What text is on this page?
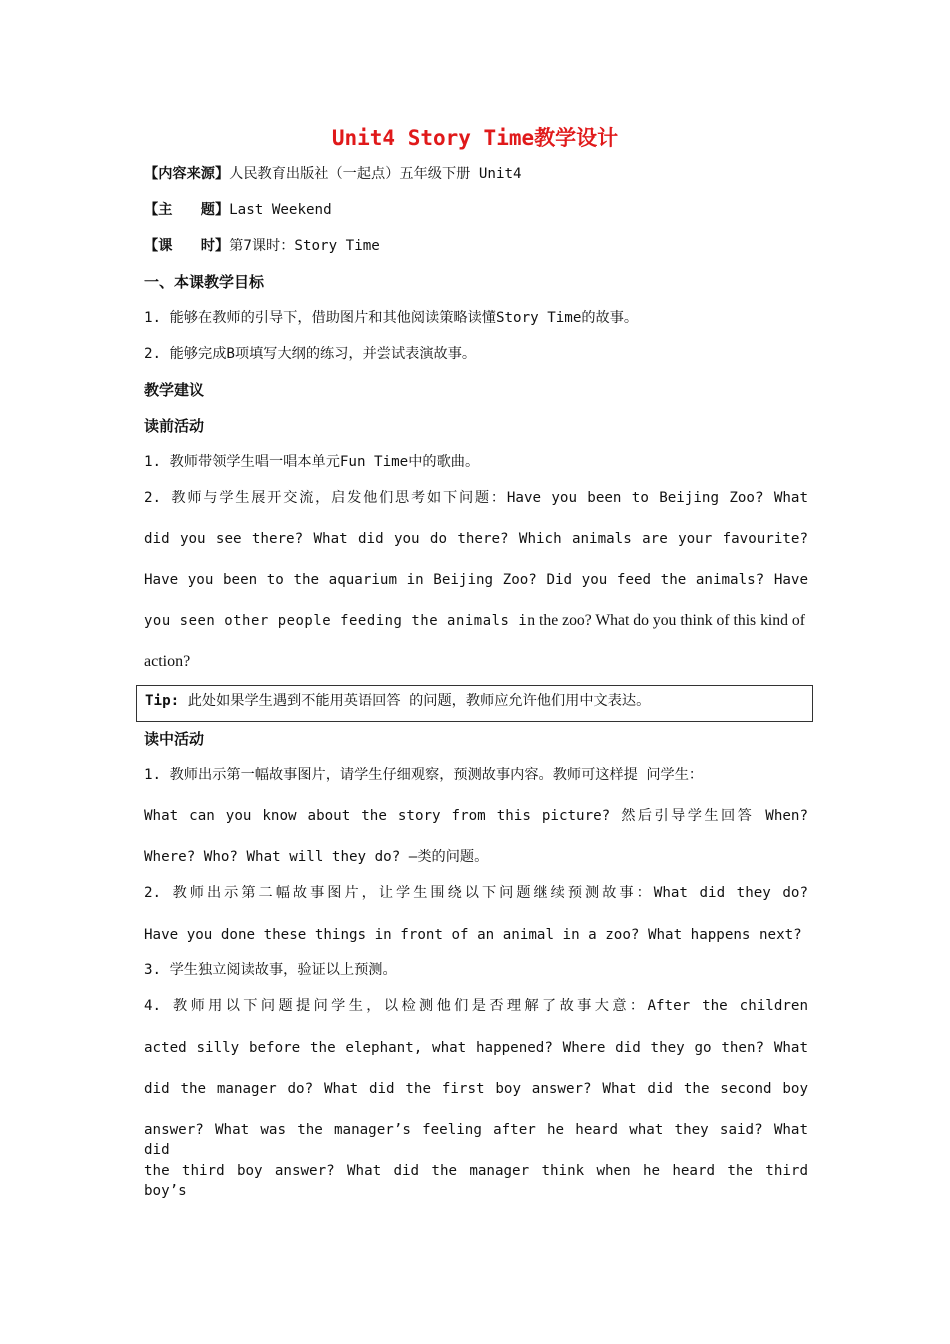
Unit4 Story Time教学设计
【内容来源】人民教育出版社（一起点）五年级下册 Unit4
【主　　题】Last Weekend
【课　　时】第7课时：Story Time
一、本课教学目标
1. 能够在教师的引导下，借助图片和其他阅读策略读懂Story Time的故事。
2. 能够完成B项填写大纲的练习，并尝试表演故事。
教学建议
读前活动
1. 教师带领学生唱一唱本单元Fun Time中的歌曲。
2. 教师与学生展开交流，启发他们思考如下问题：Have you been to Beijing Zoo? What
did you see there? What did you do there? Which animals are your favourite?
Have you been to the aquarium in Beijing Zoo? Did you feed the animals? Have
you seen other people feeding the animals in the zoo? What do you think of this kind of
action?
Tip: 此处如果学生遇到不能用英语回答 的问题，教师应允许他们用中文表达。
读中活动
1. 教师出示第一幅故事图片，请学生仔细观察，预测故事内容。教师可这样提 问学生：
What can you know about the story from this picture? 然后引导学生回答 When?
Where? Who? What will they do? —类的问题。
2. 教师出示第二幅故事图片，让学生围绕以下问题继续预测故事：What did they do?
Have you done these things in front of an animal in a zoo? What happens next?
3. 学生独立阅读故事，验证以上预测。
4. 教师用以下问题提问学生，以检测他们是否理解了故事大意：After the children
acted silly before the elephant, what happened? Where did they go then? What
did the manager do? What did the first boy answer? What did the second boy
answer? What was the manager’s feeling after he heard what they said? What did
the third boy answer? What did the manager think when he heard the third boy’s
